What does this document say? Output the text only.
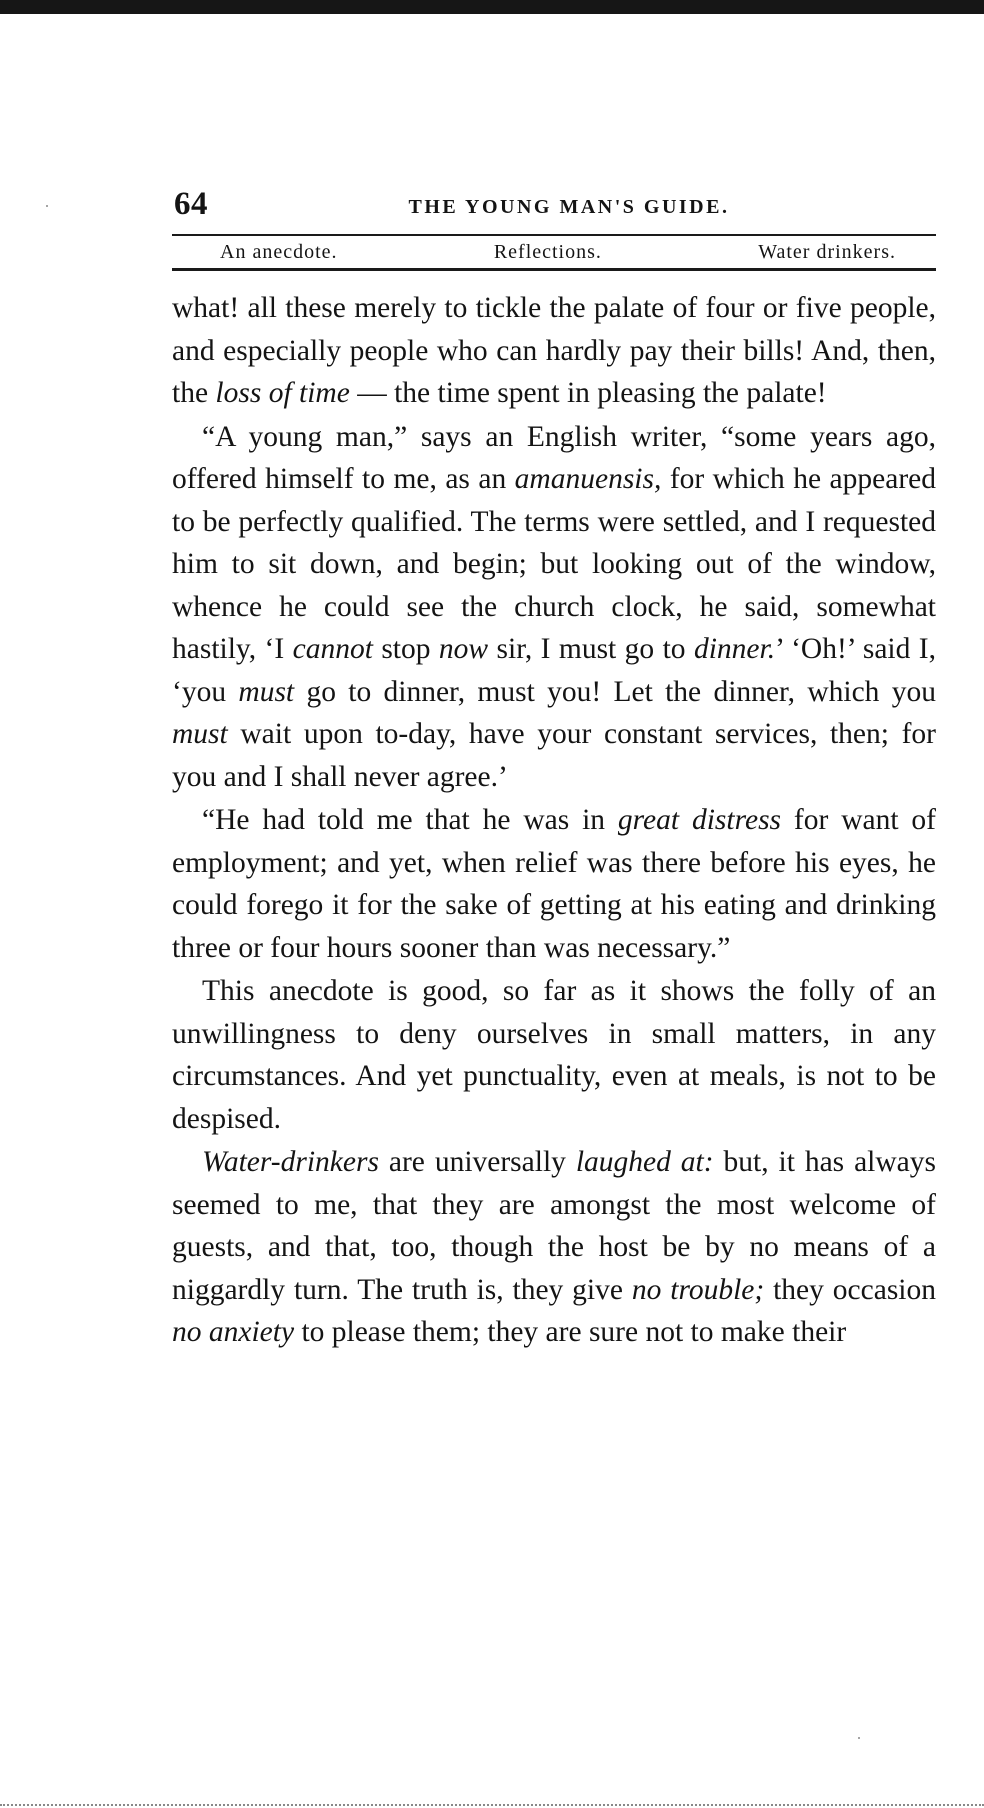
64	THE YOUNG MAN'S GUIDE.
An anecdote.	Reflections.	Water drinkers.

what! all these merely to tickle the palate of four or five people, and especially people who can hardly pay their bills! And, then, the loss of time — the time spent in pleasing the palate!

“A young man,” says an English writer, “some years ago, offered himself to me, as an amanuensis, for which he appeared to be perfectly qualified. The terms were settled, and I requested him to sit down, and begin; but looking out of the window, whence he could see the church clock, he said, somewhat hastily, ‘I cannot stop now sir, I must go to dinner.’ ‘Oh!’ said I, ‘you must go to dinner, must you! Let the dinner, which you must wait upon to-day, have your constant services, then; for you and I shall never agree.’

“He had told me that he was in great distress for want of employment; and yet, when relief was there before his eyes, he could forego it for the sake of getting at his eating and drinking three or four hours sooner than was necessary.”

This anecdote is good, so far as it shows the folly of an unwillingness to deny ourselves in small matters, in any circumstances. And yet punctuality, even at meals, is not to be despised.

Water-drinkers are universally laughed at: but, it has always seemed to me, that they are amongst the most welcome of guests, and that, too, though the host be by no means of a niggardly turn. The truth is, they give no trouble; they occasion no anxiety to please them; they are sure not to make their
